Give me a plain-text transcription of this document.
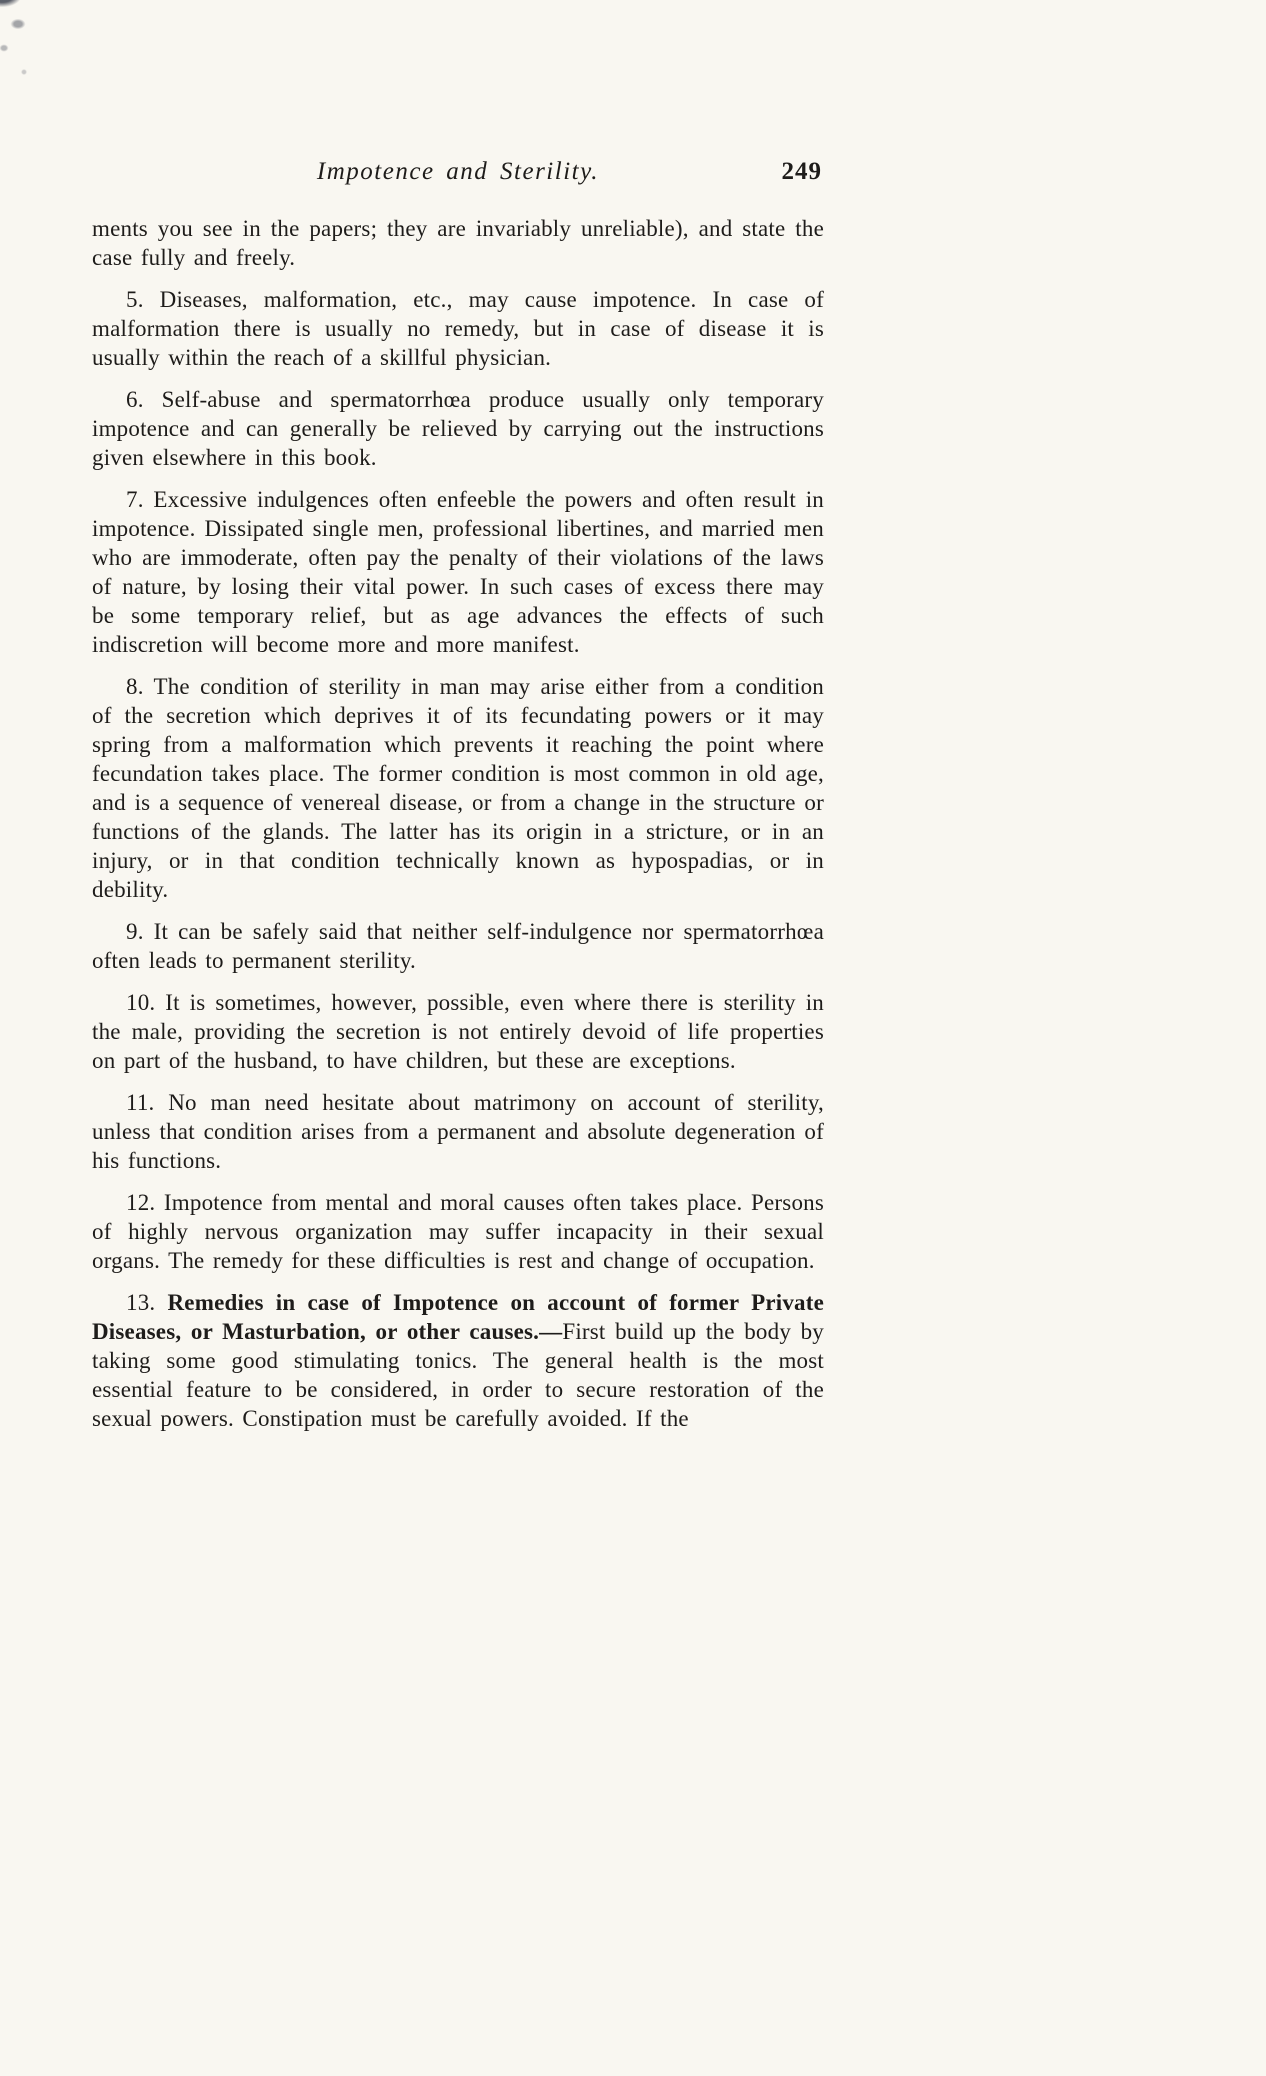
Impotence and Sterility.	249

ments you see in the papers; they are invariably unreliable), and state the case fully and freely.

5. Diseases, malformation, etc., may cause impotence. In case of malformation there is usually no remedy, but in case of disease it is usually within the reach of a skillful physician.

6. Self-abuse and spermatorrhœa produce usually only temporary impotence and can generally be relieved by carrying out the instructions given elsewhere in this book.

7. Excessive indulgences often enfeeble the powers and often result in impotence. Dissipated single men, professional libertines, and married men who are immoderate, often pay the penalty of their violations of the laws of nature, by losing their vital power. In such cases of excess there may be some temporary relief, but as age advances the effects of such indiscretion will become more and more manifest.

8. The condition of sterility in man may arise either from a condition of the secretion which deprives it of its fecundating powers or it may spring from a malformation which prevents it reaching the point where fecundation takes place. The former condition is most common in old age, and is a sequence of venereal disease, or from a change in the structure or functions of the glands. The latter has its origin in a stricture, or in an injury, or in that condition technically known as hypospadias, or in debility.

9. It can be safely said that neither self-indulgence nor spermatorrhœa often leads to permanent sterility.

10. It is sometimes, however, possible, even where there is sterility in the male, providing the secretion is not entirely devoid of life properties on part of the husband, to have children, but these are exceptions.

11. No man need hesitate about matrimony on account of sterility, unless that condition arises from a permanent and absolute degeneration of his functions.

12. Impotence from mental and moral causes often takes place. Persons of highly nervous organization may suffer incapacity in their sexual organs. The remedy for these difficulties is rest and change of occupation.

13. Remedies in case of Impotence on account of former Private Diseases, or Masturbation, or other causes.—First build up the body by taking some good stimulating tonics. The general health is the most essential feature to be considered, in order to secure restoration of the sexual powers. Constipation must be carefully avoided. If the
